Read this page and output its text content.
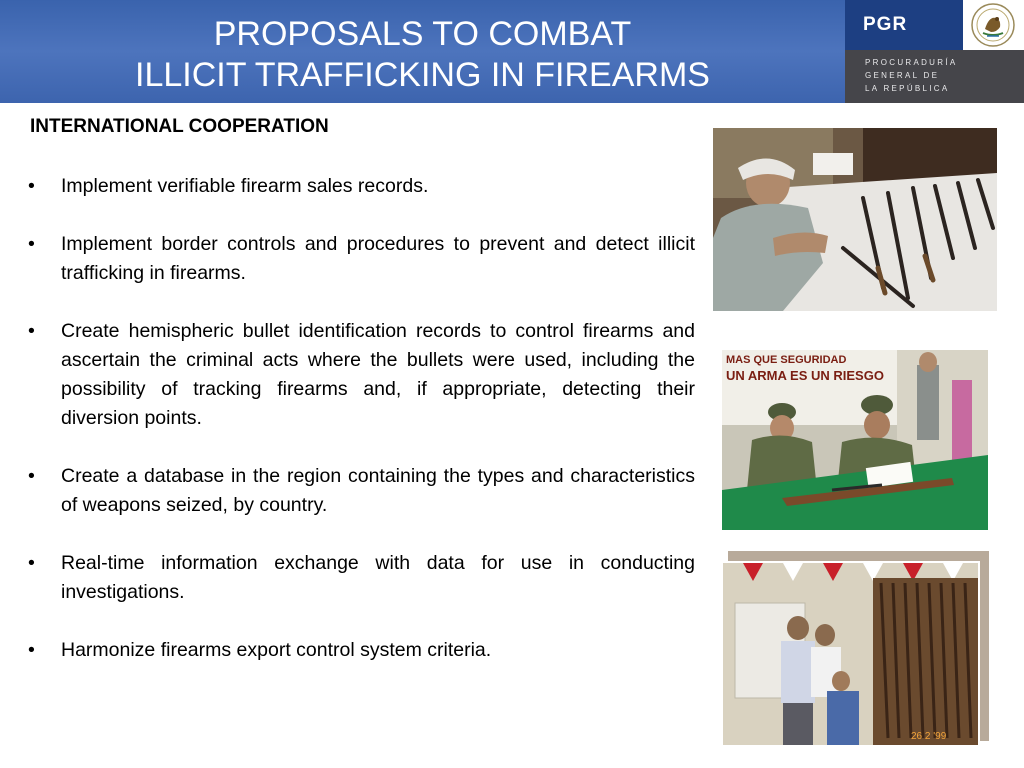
PROPOSALS TO COMBAT
ILLICIT TRAFFICKING IN FIREARMS
PGR
PROCURADURÍA
GENERAL DE
LA REPÚBLICA
INTERNATIONAL COOPERATION
• Implement verifiable firearm sales records.
• Implement border controls and procedures to prevent and detect illicit trafficking in firearms.
• Create hemispheric bullet identification records to control firearms and ascertain the criminal acts where the bullets were used, including the possibility of tracking firearms and, if appropriate, detecting their diversion points.
• Create a database in the region containing the types and characteristics of weapons seized, by country.
• Real-time information exchange with data for use in conducting investigations.
• Harmonize firearms export control system criteria.
MAS QUE SEGURIDAD
UN ARMA ES UN RIESGO
26 2 '99
